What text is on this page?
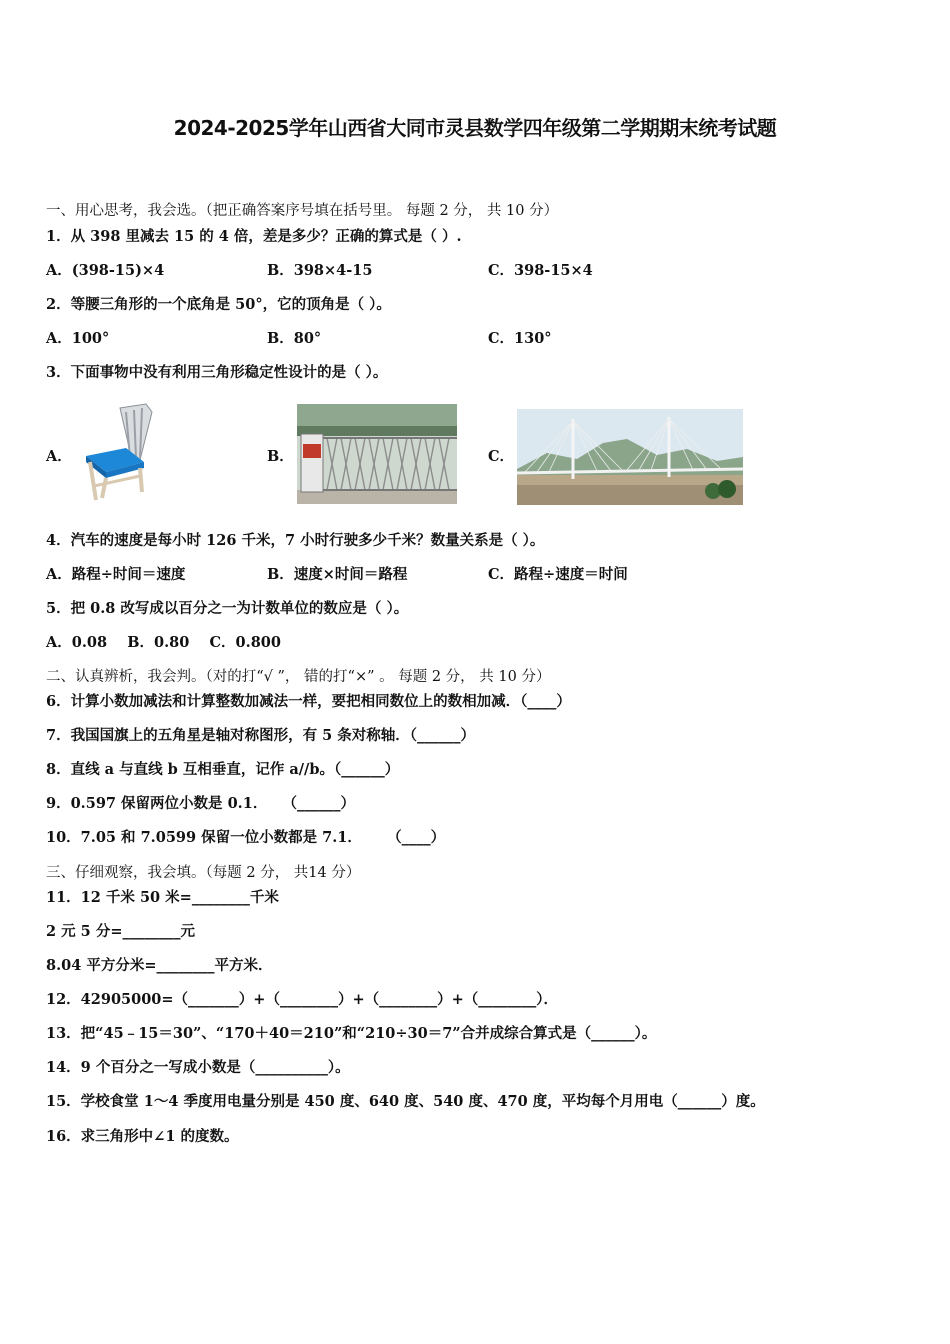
2024-2025学年山西省大同市灵县数学四年级第二学期期末统考试题
一、用心思考，我会选。（把正确答案序号填在括号里。 每题 2 分， 共 10 分）
1．从 398 里减去 15 的 4 倍，差是多少？正确的算式是（ ）.
A．(398-15)×4	B．398×4-15	C．398-15×4
2．等腰三角形的一个底角是 50°，它的顶角是（ ）。
A．100°	B．80°	C．130°
3．下面事物中没有利用三角形稳定性设计的是（ ）。
A．	B．	C．
4．汽车的速度是每小时 126 千米，7 小时行驶多少千米？数量关系是（ ）。
A．路程÷时间＝速度	B．速度×时间＝路程	C．路程÷速度＝时间
5．把 0.8 改写成以百分之一为计数单位的数应是（ ）。
A．0.08    B．0.80    C．0.800
二、认真辨析，我会判。（对的打“√ ”， 错的打“×” 。 每题 2 分， 共 10 分）
6．计算小数加减法和计算整数加减法一样，要把相同数位上的数相加减．（____）
7．我国国旗上的五角星是轴对称图形，有 5 条对称轴．（______）
8．直线 a 与直线 b 互相垂直，记作 a//b。（______）
9．0.597 保留两位小数是 0.1．   （______）
10．7.05 和 7.0599 保留一位小数都是 7.1．     （____）
三、仔细观察，我会填。（每题 2 分， 共14 分）
11．12 千米 50 米=________千米
2 元 5 分=________元
8.04 平方分米=________平方米．
12．42905000=（_______）+（________）+（________）+（________）．
13．把“45﹣15＝30”、“170＋40＝210”和“210÷30＝7”合并成综合算式是（______）。
14．9 个百分之一写成小数是（__________）。
15．学校食堂 1～4 季度用电量分别是 450 度、640 度、540 度、470 度，平均每个月用电（______）度。
16．求三角形中∠1 的度数。
